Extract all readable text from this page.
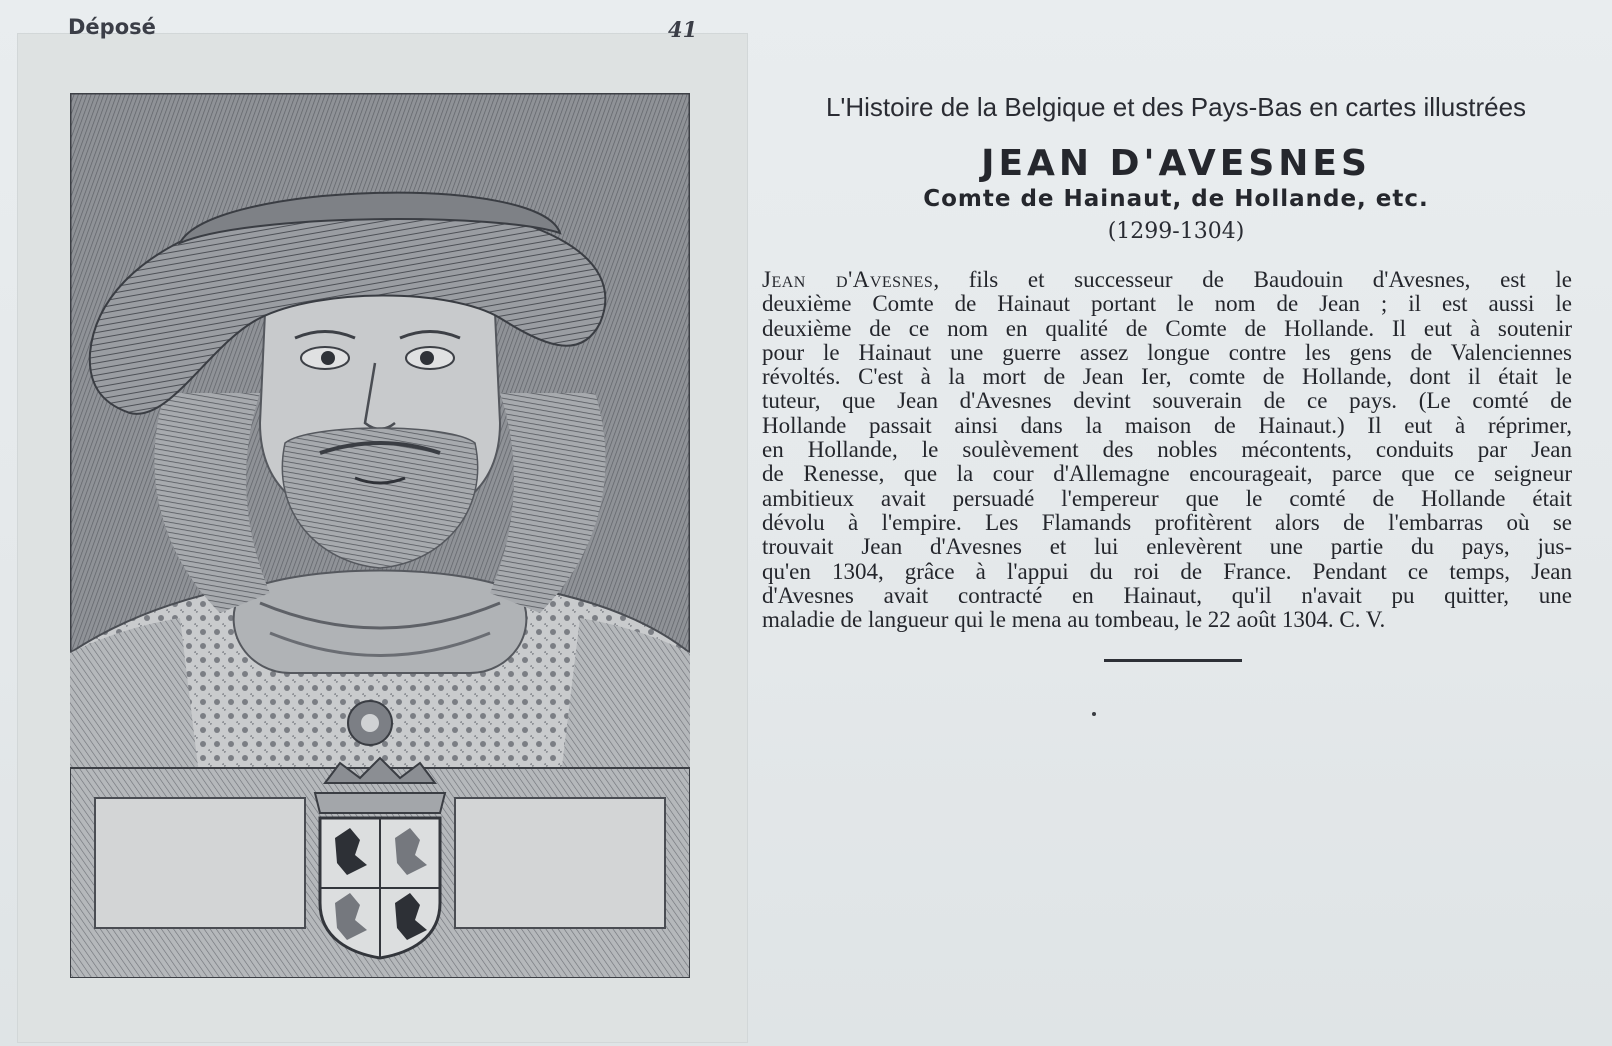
Déposé	41
L'Histoire de la Belgique et des Pays-Bas en cartes illustrées
JEAN D'AVESNES
Comte de Hainaut, de Hollande, etc.
(1299-1304)
Jean d'Avesnes, fils et successeur de Baudouin d'Avesnes, est le
deuxième Comte de Hainaut portant le nom de Jean ; il est aussi le
deuxième de ce nom en qualité de Comte de Hollande. Il eut à soutenir
pour le Hainaut une guerre assez longue contre les gens de Valenciennes
révoltés. C'est à la mort de Jean Ier, comte de Hollande, dont il était le
tuteur, que Jean d'Avesnes devint souverain de ce pays. (Le comté de
Hollande passait ainsi dans la maison de Hainaut.) Il eut à réprimer,
en Hollande, le soulèvement des nobles mécontents, conduits par Jean
de Renesse, que la cour d'Allemagne encourageait, parce que ce seigneur
ambitieux avait persuadé l'empereur que le comté de Hollande était
dévolu à l'empire. Les Flamands profitèrent alors de l'embarras où se
trouvait Jean d'Avesnes et lui enlevèrent une partie du pays, jus-
qu'en 1304, grâce à l'appui du roi de France. Pendant ce temps, Jean
d'Avesnes avait contracté en Hainaut, qu'il n'avait pu quitter, une
maladie de langueur qui le mena au tombeau, le 22 août 1304. C. V.
